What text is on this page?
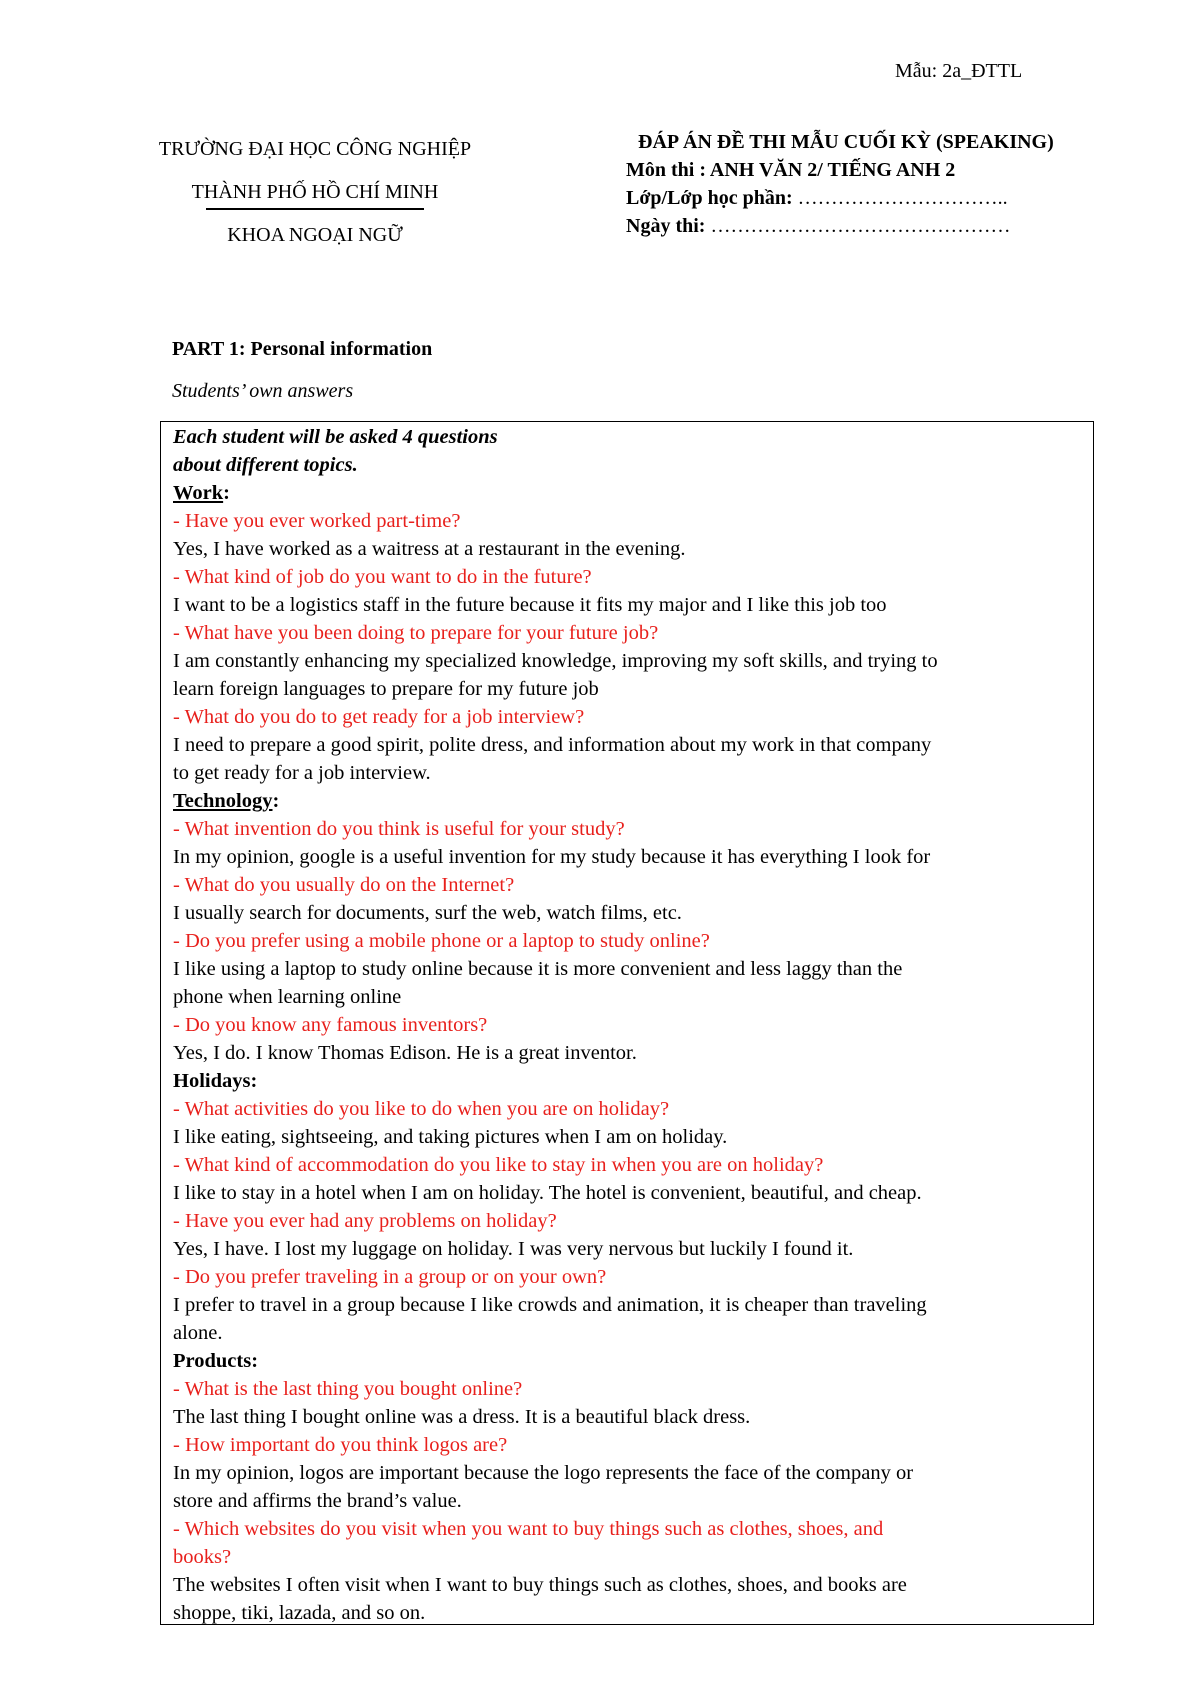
Mẫu: 2a_ĐTTL
TRƯỜNG ĐẠI HỌC CÔNG NGHIỆP
THÀNH PHỐ HỒ CHÍ MINH
KHOA NGOẠI NGỮ
ĐÁP ÁN ĐỀ THI MẪU CUỐI KỲ (SPEAKING)
Môn thi : ANH VĂN 2/ TIẾNG ANH 2
Lớp/Lớp học phần: …………………………..
Ngày thi: ………………………………………
PART 1: Personal information
Students’ own answers
Each student will be asked 4 questions
about different topics.
Work:
- Have you ever worked part-time?
Yes, I have worked as a waitress at a restaurant in the evening.
- What kind of job do you want to do in the future?
I want to be a logistics staff in the future because it fits my major and I like this job too
- What have you been doing to prepare for your future job?
I am constantly enhancing my specialized knowledge, improving my soft skills, and trying to
learn foreign languages to prepare for my future job
- What do you do to get ready for a job interview?
I need to prepare a good spirit, polite dress, and information about my work in that company
to get ready for a job interview.
Technology:
- What invention do you think is useful for your study?
In my opinion, google is a useful invention for my study because it has everything I look for
- What do you usually do on the Internet?
I usually search for documents, surf the web, watch films, etc.
- Do you prefer using a mobile phone or a laptop to study online?
I like using a laptop to study online because it is more convenient and less laggy than the
phone when learning online
- Do you know any famous inventors?
Yes, I do. I know Thomas Edison. He is a great inventor.
Holidays:
- What activities do you like to do when you are on holiday?
I like eating, sightseeing, and taking pictures when I am on holiday.
- What kind of accommodation do you like to stay in when you are on holiday?
I like to stay in a hotel when I am on holiday. The hotel is convenient, beautiful, and cheap.
- Have you ever had any problems on holiday?
Yes, I have. I lost my luggage on holiday. I was very nervous but luckily I found it.
- Do you prefer traveling in a group or on your own?
I prefer to travel in a group because I like crowds and animation, it is cheaper than traveling
alone.
Products:
- What is the last thing you bought online?
The last thing I bought online was a dress. It is a beautiful black dress.
- How important do you think logos are?
In my opinion, logos are important because the logo represents the face of the company or
store and affirms the brand’s value.
- Which websites do you visit when you want to buy things such as clothes, shoes, and
books?
The websites I often visit when I want to buy things such as clothes, shoes, and books are
shoppe, tiki, lazada, and so on.
